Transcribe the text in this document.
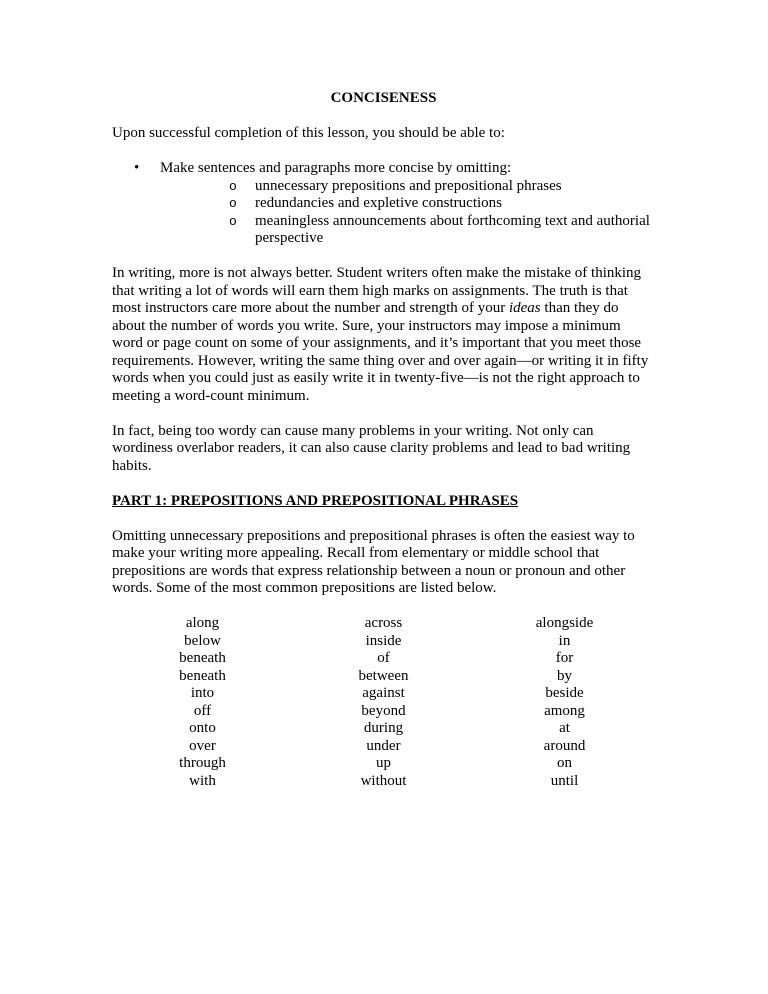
CONCISENESS

Upon successful completion of this lesson, you should be able to:

• Make sentences and paragraphs more concise by omitting:
o unnecessary prepositions and prepositional phrases
o redundancies and expletive constructions
o meaningless announcements about forthcoming text and authorial perspective

In writing, more is not always better. Student writers often make the mistake of thinking that writing a lot of words will earn them high marks on assignments. The truth is that most instructors care more about the number and strength of your ideas than they do about the number of words you write. Sure, your instructors may impose a minimum word or page count on some of your assignments, and it’s important that you meet those requirements. However, writing the same thing over and over again—or writing it in fifty words when you could just as easily write it in twenty-five—is not the right approach to meeting a word-count minimum.

In fact, being too wordy can cause many problems in your writing. Not only can wordiness overlabor readers, it can also cause clarity problems and lead to bad writing habits.

PART 1: PREPOSITIONS AND PREPOSITIONAL PHRASES

Omitting unnecessary prepositions and prepositional phrases is often the easiest way to make your writing more appealing. Recall from elementary or middle school that prepositions are words that express relationship between a noun or pronoun and other words. Some of the most common prepositions are listed below.

along
below
beneath
beneath
into
off
onto
over
through
with
across
inside
of
between
against
beyond
during
under
up
without
alongside
in
for
by
beside
among
at
around
on
until
